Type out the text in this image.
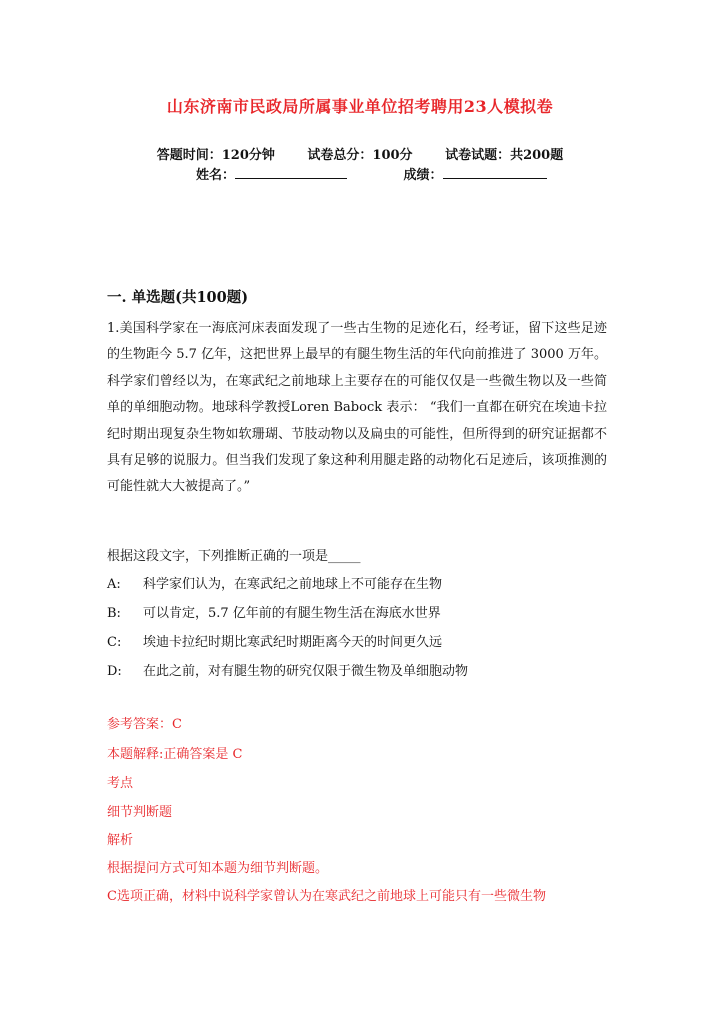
山东济南市民政局所属事业单位招考聘用23人模拟卷
答题时间：120分钟	试卷总分：100分	试卷试题：共200题
姓名：	成绩：
一. 单选题(共100题)
1.美国科学家在一海底河床表面发现了一些古生物的足迹化石，经考证，留下这些足迹的生物距今 5.7 亿年，这把世界上最早的有腿生物生活的年代向前推进了 3000 万年。科学家们曾经以为，在寒武纪之前地球上主要存在的可能仅仅是一些微生物以及一些简单的单细胞动物。地球科学教授Loren Babock 表示： “我们一直都在研究在埃迪卡拉纪时期出现复杂生物如软珊瑚、节肢动物以及扁虫的可能性，但所得到的研究证据都不具有足够的说服力。但当我们发现了象这种利用腿走路的动物化石足迹后，该项推测的可能性就大大被提高了。”
根据这段文字，下列推断正确的一项是_____
A: 科学家们认为，在寒武纪之前地球上不可能存在生物
B: 可以肯定，5.7 亿年前的有腿生物生活在海底水世界
C: 埃迪卡拉纪时期比寒武纪时期距离今天的时间更久远
D: 在此之前，对有腿生物的研究仅限于微生物及单细胞动物
参考答案：C
本题解释:正确答案是 C
考点
细节判断题
解析
根据提问方式可知本题为细节判断题。
C选项正确，材料中说科学家曾认为在寒武纪之前地球上可能只有一些微生物
